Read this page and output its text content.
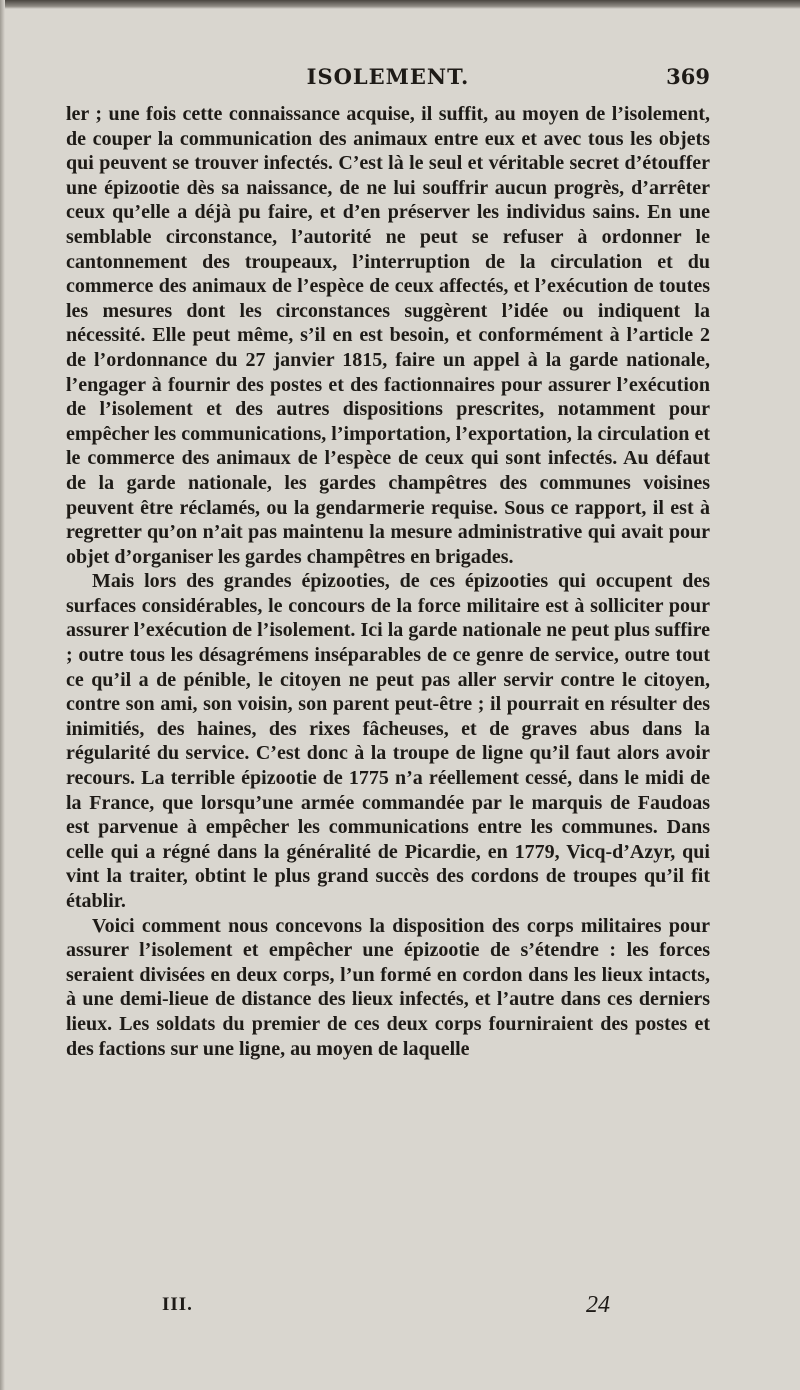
ISOLEMENT.	369

ler ; une fois cette connaissance acquise, il suffit, au moyen de l’isolement, de couper la communication des animaux entre eux et avec tous les objets qui peuvent se trouver infectés. C’est là le seul et véritable secret d’étouffer une épizootie dès sa naissance, de ne lui souffrir aucun progrès, d’arrêter ceux qu’elle a déjà pu faire, et d’en préserver les individus sains. En une semblable circonstance, l’autorité ne peut se refuser à ordonner le cantonnement des troupeaux, l’interruption de la circulation et du commerce des animaux de l’espèce de ceux affectés, et l’exécution de toutes les mesures dont les circonstances suggèrent l’idée ou indiquent la nécessité. Elle peut même, s’il en est besoin, et conformément à l’article 2 de l’ordonnance du 27 janvier 1815, faire un appel à la garde nationale, l’engager à fournir des postes et des factionnaires pour assurer l’exécution de l’isolement et des autres dispositions prescrites, notamment pour empêcher les communications, l’importation, l’exportation, la circulation et le commerce des animaux de l’espèce de ceux qui sont infectés. Au défaut de la garde nationale, les gardes champêtres des communes voisines peuvent être réclamés, ou la gendarmerie requise. Sous ce rapport, il est à regretter qu’on n’ait pas maintenu la mesure administrative qui avait pour objet d’organiser les gardes champêtres en brigades.

Mais lors des grandes épizooties, de ces épizooties qui occupent des surfaces considérables, le concours de la force militaire est à solliciter pour assurer l’exécution de l’isolement. Ici la garde nationale ne peut plus suffire ; outre tous les désagrémens inséparables de ce genre de service, outre tout ce qu’il a de pénible, le citoyen ne peut pas aller servir contre le citoyen, contre son ami, son voisin, son parent peut-être ; il pourrait en résulter des inimitiés, des haines, des rixes fâcheuses, et de graves abus dans la régularité du service. C’est donc à la troupe de ligne qu’il faut alors avoir recours. La terrible épizootie de 1775 n’a réellement cessé, dans le midi de la France, que lorsqu’une armée commandée par le marquis de Faudoas est parvenue à empêcher les communications entre les communes. Dans celle qui a régné dans la généralité de Picardie, en 1779, Vicq-d’Azyr, qui vint la traiter, obtint le plus grand succès des cordons de troupes qu’il fit établir.

Voici comment nous concevons la disposition des corps militaires pour assurer l’isolement et empêcher une épizootie de s’étendre : les forces seraient divisées en deux corps, l’un formé en cordon dans les lieux intacts, à une demi-lieue de distance des lieux infectés, et l’autre dans ces derniers lieux. Les soldats du premier de ces deux corps fourniraient des postes et des factions sur une ligne, au moyen de laquelle

III.	24
